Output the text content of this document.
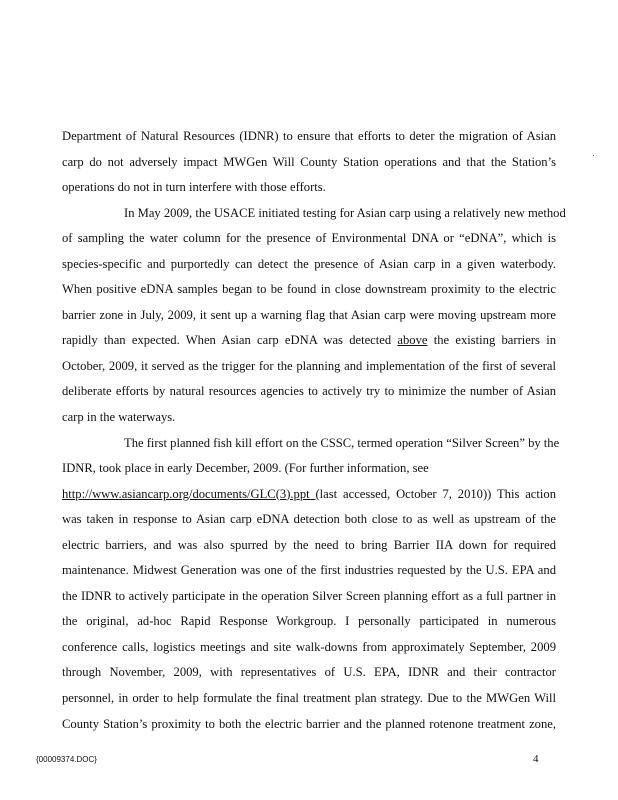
Department of Natural Resources (IDNR) to ensure that efforts to deter the migration of Asian
carp do not adversely impact MWGen Will County Station operations and that the Station’s
operations do not in turn interfere with those efforts.
In May 2009, the USACE initiated testing for Asian carp using a relatively new method
of sampling the water column for the presence of Environmental DNA or “eDNA”, which is
species-specific and purportedly can detect the presence of Asian carp in a given waterbody.
When positive eDNA samples began to be found in close downstream proximity to the electric
barrier zone in July, 2009, it sent up a warning flag that Asian carp were moving upstream more
rapidly than expected. When Asian carp eDNA was detected above the existing barriers in
October, 2009, it served as the trigger for the planning and implementation of the first of several
deliberate efforts by natural resources agencies to actively try to minimize the number of Asian
carp in the waterways.
The first planned fish kill effort on the CSSC, termed operation “Silver Screen” by the
IDNR, took place in early December, 2009. (For further information, see
http://www.asiancarp.org/documents/GLC(3).ppt (last accessed, October 7, 2010)) This action
was taken in response to Asian carp eDNA detection both close to as well as upstream of the
electric barriers, and was also spurred by the need to bring Barrier IIA down for required
maintenance. Midwest Generation was one of the first industries requested by the U.S. EPA and
the IDNR to actively participate in the operation Silver Screen planning effort as a full partner in
the original, ad-hoc Rapid Response Workgroup. I personally participated in numerous
conference calls, logistics meetings and site walk-downs from approximately September, 2009
through November, 2009, with representatives of U.S. EPA, IDNR and their contractor
personnel, in order to help formulate the final treatment plan strategy. Due to the MWGen Will
County Station’s proximity to both the electric barrier and the planned rotenone treatment zone,
{00009374.DOC}	4
